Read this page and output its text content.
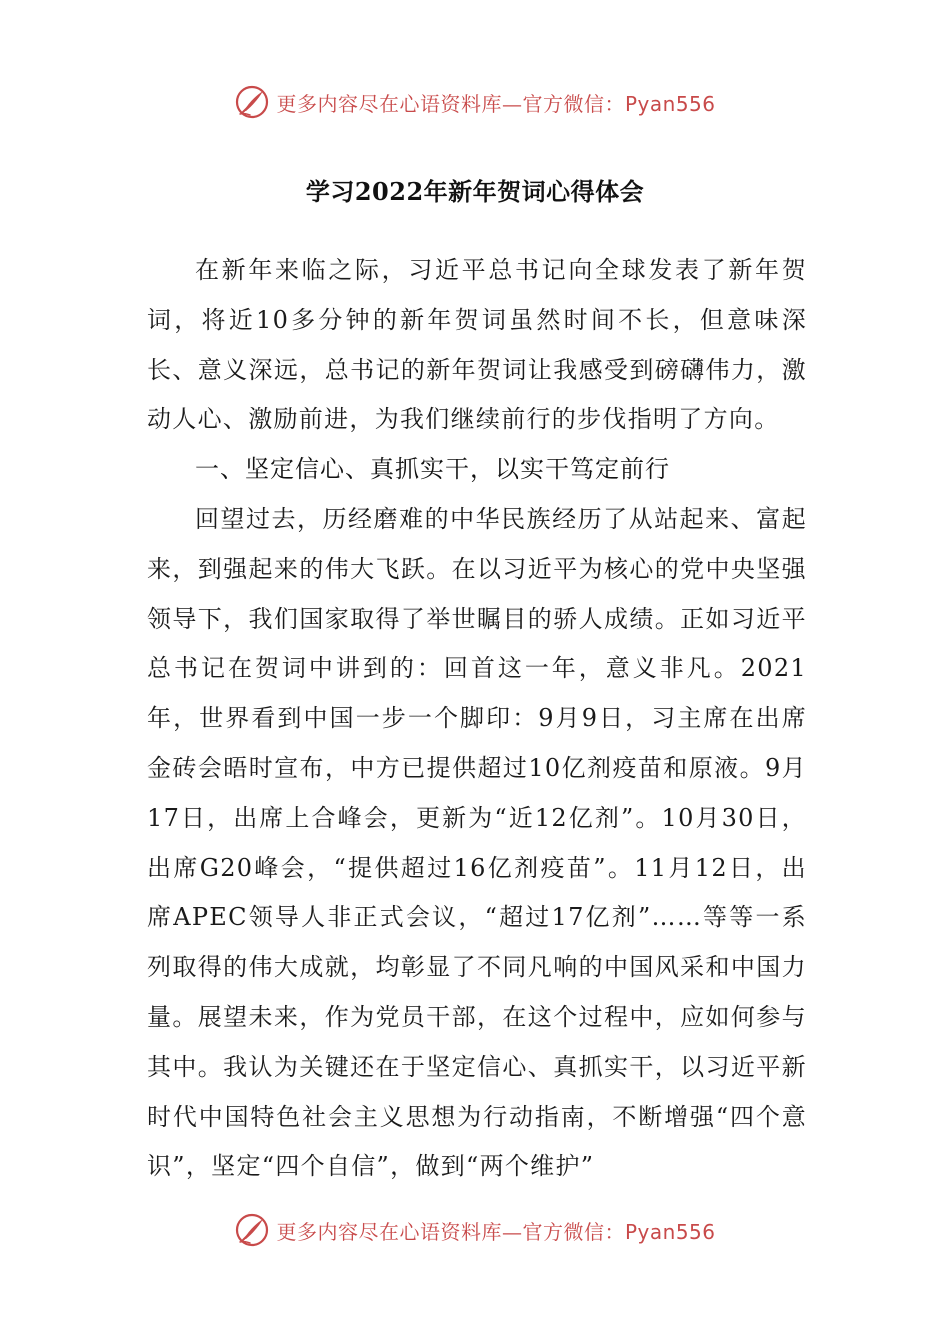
更多内容尽在心语资料库—官方微信：Pyan556
学习2022年新年贺词心得体会

在新年来临之际，习近平总书记向全球发表了新年贺词，将近10多分钟的新年贺词虽然时间不长，但意味深长、意义深远，总书记的新年贺词让我感受到磅礴伟力，激动人心、激励前进，为我们继续前行的步伐指明了方向。

一、坚定信心、真抓实干，以实干笃定前行

回望过去，历经磨难的中华民族经历了从站起来、富起来，到强起来的伟大飞跃。在以习近平为核心的党中央坚强领导下，我们国家取得了举世瞩目的骄人成绩。正如习近平总书记在贺词中讲到的：回首这一年，意义非凡。2021年，世界看到中国一步一个脚印：9月9日，习主席在出席金砖会晤时宣布，中方已提供超过10亿剂疫苗和原液。9月17日，出席上合峰会，更新为“近12亿剂”。10月30日，出席G20峰会，“提供超过16亿剂疫苗”。11月12日，出席APEC领导人非正式会议，“超过17亿剂”……等等一系列取得的伟大成就，均彰显了不同凡响的中国风采和中国力量。展望未来，作为党员干部，在这个过程中，应如何参与其中。我认为关键还在于坚定信心、真抓实干，以习近平新时代中国特色社会主义思想为行动指南，不断增强“四个意识”，坚定“四个自信”，做到“两个维护”

更多内容尽在心语资料库—官方微信：Pyan556
